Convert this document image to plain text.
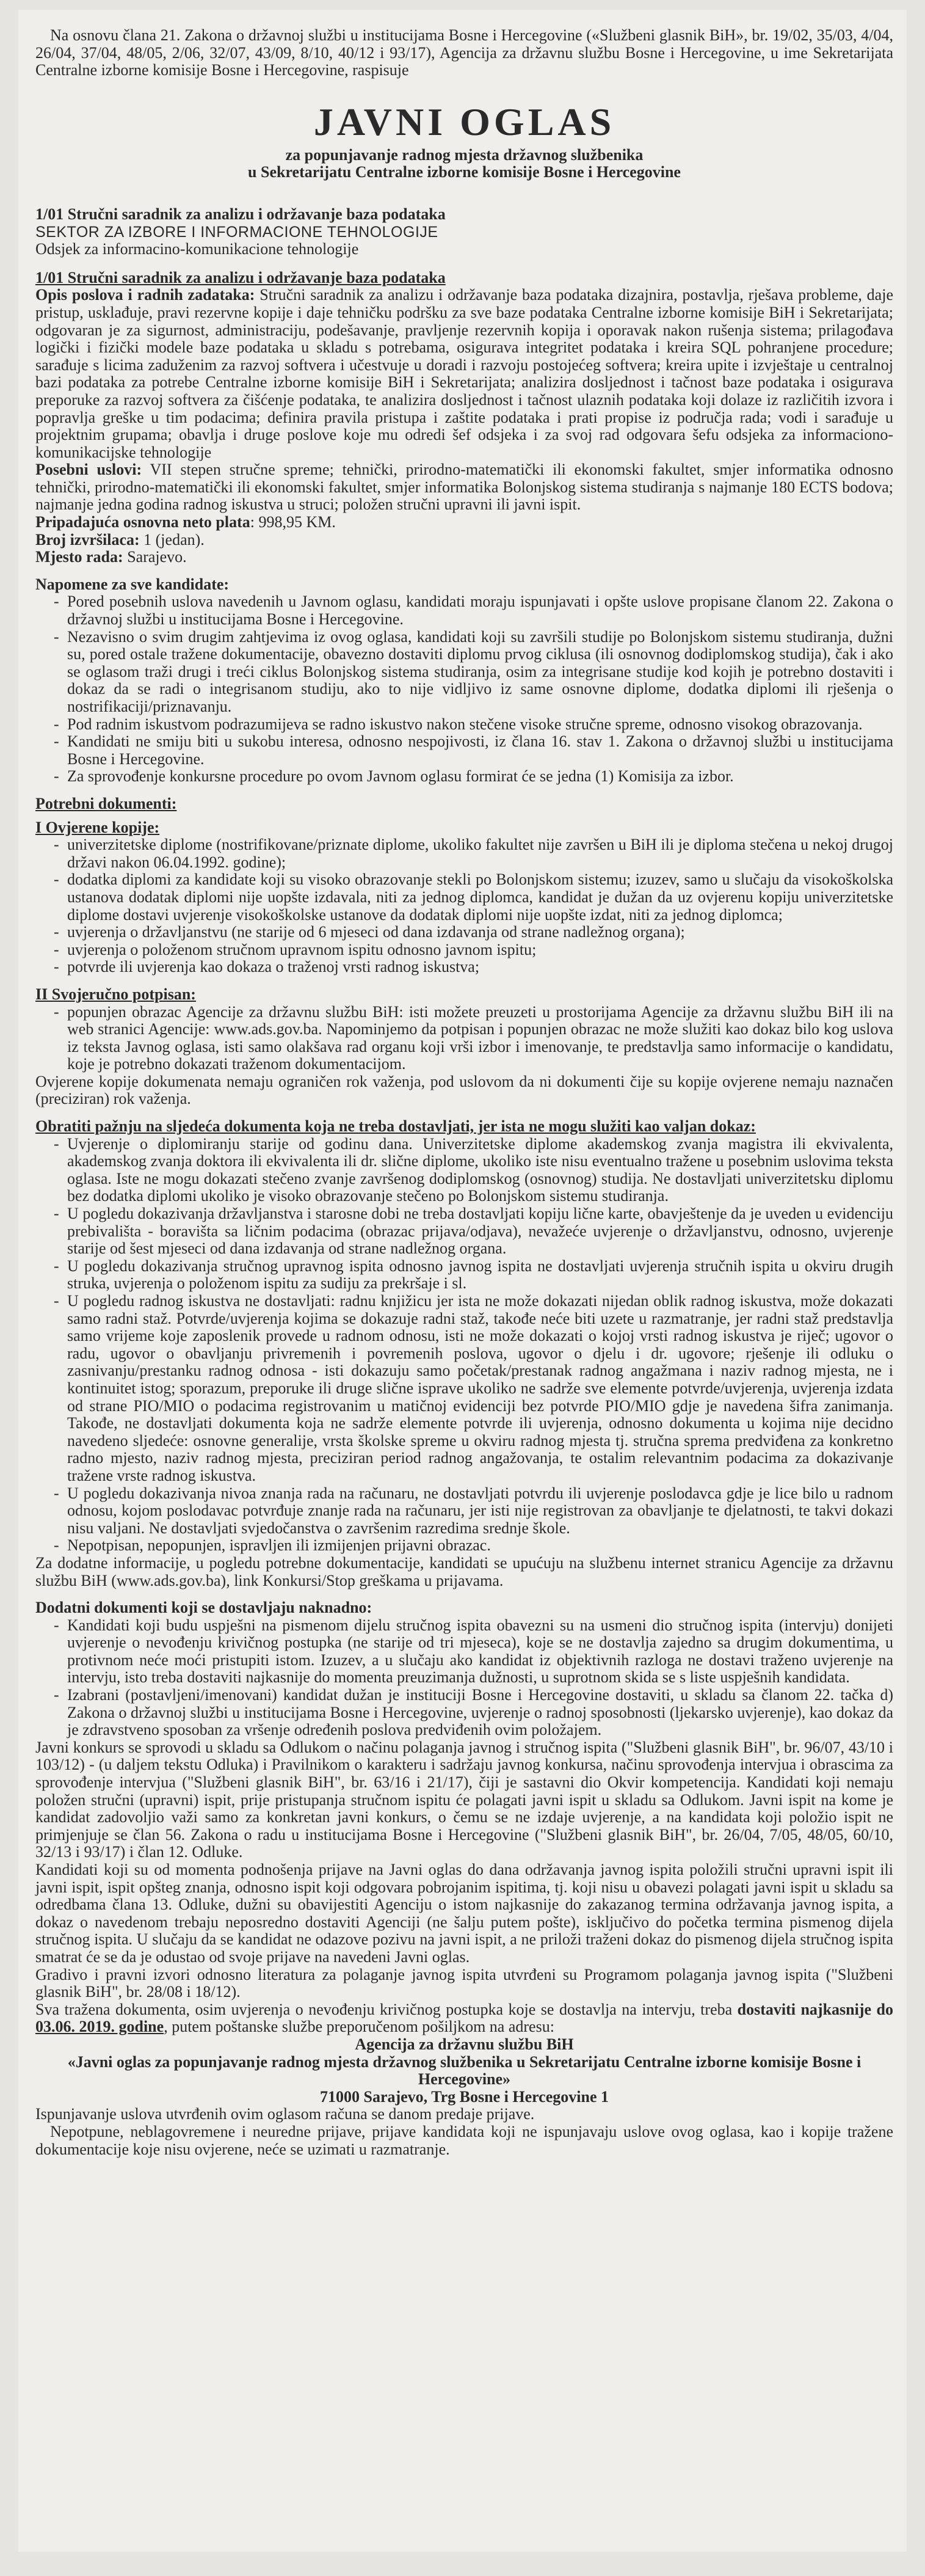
Na osnovu člana 21. Zakona o državnoj službi u institucijama Bosne i Hercegovine («Službeni glasnik BiH», br. 19/02, 35/03, 4/04, 26/04, 37/04, 48/05, 2/06, 32/07, 43/09, 8/10, 40/12 i 93/17), Agencija za državnu službu Bosne i Hercegovine, u ime Sekretarijata Centralne izborne komisije Bosne i Hercegovine, raspisuje

JAVNI OGLAS

za popunjavanje radnog mjesta državnog službenika

u Sekretarijatu Centralne izborne komisije Bosne i Hercegovine

1/01 Stručni saradnik za analizu i održavanje baza podataka

SEKTOR ZA IZBORE I INFORMACIONE TEHNOLOGIJE

Odsjek za informacino-komunikacione tehnologije

1/01 Stručni saradnik za analizu i održavanje baza podataka

Opis poslova i radnih zadataka: Stručni saradnik za analizu i održavanje baza podataka dizajnira, postavlja, rješava probleme, daje pristup, usklađuje, pravi rezervne kopije i daje tehničku podršku za sve baze podataka Centralne izborne komisije BiH i Sekretarijata; odgovaran je za sigurnost, administraciju, podešavanje, pravljenje rezervnih kopija i oporavak nakon rušenja sistema; prilagođava logički i fizički modele baze podataka u skladu s potrebama, osigurava integritet podataka i kreira SQL pohranjene procedure; sarađuje s licima zaduženim za razvoj softvera i učestvuje u doradi i razvoju postojećeg softvera; kreira upite i izvještaje u centralnoj bazi podataka za potrebe Centralne izborne komisije BiH i Sekretarijata; analizira dosljednost i tačnost baze podataka i osigurava preporuke za razvoj softvera za čišćenje podataka, te analizira dosljednost i tačnost ulaznih podataka koji dolaze iz različitih izvora i popravlja greške u tim podacima; definira pravila pristupa i zaštite podataka i prati propise iz područja rada; vodi i sarađuje u projektnim grupama; obavlja i druge poslove koje mu odredi šef odsjeka i za svoj rad odgovara šefu odsjeka za informaciono-komunikacijske tehnologije

Posebni uslovi: VII stepen stručne spreme; tehnički, prirodno-matematički ili ekonomski fakultet, smjer informatika odnosno tehnički, prirodno-matematički ili ekonomski fakultet, smjer informatika Bolonjskog sistema studiranja s najmanje 180 ECTS bodova; najmanje jedna godina radnog iskustva u struci; položen stručni upravni ili javni ispit.

Pripadajuća osnovna neto plata: 998,95 KM.

Broj izvršilaca: 1 (jedan).

Mjesto rada: Sarajevo.

Napomene za sve kandidate:

- Pored posebnih uslova navedenih u Javnom oglasu, kandidati moraju ispunjavati i opšte uslove propisane članom 22. Zakona o državnoj službi u institucijama Bosne i Hercegovine.
- Nezavisno o svim drugim zahtjevima iz ovog oglasa, kandidati koji su završili studije po Bolonjskom sistemu studiranja, dužni su, pored ostale tražene dokumentacije, obavezno dostaviti diplomu prvog ciklusa (ili osnovnog dodiplomskog studija), čak i ako se oglasom traži drugi i treći ciklus Bolonjskog sistema studiranja, osim za integrisane studije kod kojih je potrebno dostaviti i dokaz da se radi o integrisanom studiju, ako to nije vidljivo iz same osnovne diplome, dodatka diplomi ili rješenja o nostrifikaciji/priznavanju.
- Pod radnim iskustvom podrazumijeva se radno iskustvo nakon stečene visoke stručne spreme, odnosno visokog obrazovanja.
- Kandidati ne smiju biti u sukobu interesa, odnosno nespojivosti, iz člana 16. stav 1. Zakona o državnoj službi u institucijama Bosne i Hercegovine.
- Za sprovođenje konkursne procedure po ovom Javnom oglasu formirat će se jedna (1) Komisija za izbor.

Potrebni dokumenti:

I Ovjerene kopije:

- univerzitetske diplome (nostrifikovane/priznate diplome, ukoliko fakultet nije završen u BiH ili je diploma stečena u nekoj drugoj državi nakon 06.04.1992. godine);
- dodatka diplomi za kandidate koji su visoko obrazovanje stekli po Bolonjskom sistemu; izuzev, samo u slučaju da visokoškolska ustanova dodatak diplomi nije uopšte izdavala, niti za jednog diplomca, kandidat je dužan da uz ovjerenu kopiju univerzitetske diplome dostavi uvjerenje visokoškolske ustanove da dodatak diplomi nije uopšte izdat, niti za jednog diplomca;
- uvjerenja o državljanstvu (ne starije od 6 mjeseci od dana izdavanja od strane nadležnog organa);
- uvjerenja o položenom stručnom upravnom ispitu odnosno javnom ispitu;
- potvrde ili uvjerenja kao dokaza o traženoj vrsti radnog iskustva;

II Svojeručno potpisan:

- popunjen obrazac Agencije za državnu službu BiH: isti možete preuzeti u prostorijama Agencije za državnu službu BiH ili na web stranici Agencije: www.ads.gov.ba. Napominjemo da potpisan i popunjen obrazac ne može služiti kao dokaz bilo kog uslova iz teksta Javnog oglasa, isti samo olakšava rad organu koji vrši izbor i imenovanje, te predstavlja samo informacije o kandidatu, koje je potrebno dokazati traženom dokumentacijom.

Ovjerene kopije dokumenata nemaju ograničen rok važenja, pod uslovom da ni dokumenti čije su kopije ovjerene nemaju naznačen (preciziran) rok važenja.

Obratiti pažnju na sljedeća dokumenta koja ne treba dostavljati, jer ista ne mogu služiti kao valjan dokaz:

- Uvjerenje o diplomiranju starije od godinu dana. Univerzitetske diplome akademskog zvanja magistra ili ekvivalenta, akademskog zvanja doktora ili ekvivalenta ili dr. slične diplome, ukoliko iste nisu eventualno tražene u posebnim uslovima teksta oglasa. Iste ne mogu dokazati stečeno zvanje završenog dodiplomskog (osnovnog) studija. Ne dostavljati univerzitetsku diplomu bez dodatka diplomi ukoliko je visoko obrazovanje stečeno po Bolonjskom sistemu studiranja.
- U pogledu dokazivanja državljanstva i starosne dobi ne treba dostavljati kopiju lične karte, obavještenje da je uveden u evidenciju prebivališta - boravišta sa ličnim podacima (obrazac prijava/odjava), nevažeće uvjerenje o državljanstvu, odnosno, uvjerenje starije od šest mjeseci od dana izdavanja od strane nadležnog organa.
- U pogledu dokazivanja stručnog upravnog ispita odnosno javnog ispita ne dostavljati uvjerenja stručnih ispita u okviru drugih struka, uvjerenja o položenom ispitu za sudiju za prekršaje i sl.
- U pogledu radnog iskustva ne dostavljati: radnu knjižicu jer ista ne može dokazati nijedan oblik radnog iskustva, može dokazati samo radni staž. Potvrde/uvjerenja kojima se dokazuje radni staž, takođe neće biti uzete u razmatranje, jer radni staž predstavlja samo vrijeme koje zaposlenik provede u radnom odnosu, isti ne može dokazati o kojoj vrsti radnog iskustva je riječ; ugovor o radu, ugovor o obavljanju privremenih i povremenih poslova, ugovor o djelu i dr. ugovore; rješenje ili odluku o zasnivanju/prestanku radnog odnosa - isti dokazuju samo početak/prestanak radnog angažmana i naziv radnog mjesta, ne i kontinuitet istog; sporazum, preporuke ili druge slične isprave ukoliko ne sadrže sve elemente potvrde/uvjerenja, uvjerenja izdata od strane PIO/MIO o podacima registrovanim u matičnoj evidenciji bez potvrde PIO/MIO gdje je navedena šifra zanimanja. Takođe, ne dostavljati dokumenta koja ne sadrže elemente potvrde ili uvjerenja, odnosno dokumenta u kojima nije decidno navedeno sljedeće: osnovne generalije, vrsta školske spreme u okviru radnog mjesta tj. stručna sprema predviđena za konkretno radno mjesto, naziv radnog mjesta, preciziran period radnog angažovanja, te ostalim relevantnim podacima za dokazivanje tražene vrste radnog iskustva.
- U pogledu dokazivanja nivoa znanja rada na računaru, ne dostavljati potvrdu ili uvjerenje poslodavca gdje je lice bilo u radnom odnosu, kojom poslodavac potvrđuje znanje rada na računaru, jer isti nije registrovan za obavljanje te djelatnosti, te takvi dokazi nisu valjani. Ne dostavljati svjedočanstva o završenim razredima srednje škole.
- Nepotpisan, nepopunjen, ispravljen ili izmijenjen prijavni obrazac.

Za dodatne informacije, u pogledu potrebne dokumentacije, kandidati se upućuju na službenu internet stranicu Agencije za državnu službu BiH (www.ads.gov.ba), link Konkursi/Stop greškama u prijavama.

Dodatni dokumenti koji se dostavljaju naknadno:

- Kandidati koji budu uspješni na pismenom dijelu stručnog ispita obavezni su na usmeni dio stručnog ispita (intervju) donijeti uvjerenje o nevođenju krivičnog postupka (ne starije od tri mjeseca), koje se ne dostavlja zajedno sa drugim dokumentima, u protivnom neće moći pristupiti istom. Izuzev, a u slučaju ako kandidat iz objektivnih razloga ne dostavi traženo uvjerenje na intervju, isto treba dostaviti najkasnije do momenta preuzimanja dužnosti, u suprotnom skida se s liste uspješnih kandidata.
- Izabrani (postavljeni/imenovani) kandidat dužan je instituciji Bosne i Hercegovine dostaviti, u skladu sa članom 22. tačka d) Zakona o državnoj službi u institucijama Bosne i Hercegovine, uvjerenje o radnoj sposobnosti (ljekarsko uvjerenje), kao dokaz da je zdravstveno sposoban za vršenje određenih poslova predviđenih ovim položajem.

Javni konkurs se sprovodi u skladu sa Odlukom o načinu polaganja javnog i stručnog ispita ("Službeni glasnik BiH", br. 96/07, 43/10 i 103/12) - (u daljem tekstu Odluka) i Pravilnikom o karakteru i sadržaju javnog konkursa, načinu sprovođenja intervjua i obrascima za sprovođenje intervjua ("Službeni glasnik BiH", br. 63/16 i 21/17), čiji je sastavni dio Okvir kompetencija. Kandidati koji nemaju položen stručni (upravni) ispit, prije pristupanja stručnom ispitu će polagati javni ispit u skladu sa Odlukom. Javni ispit na kome je kandidat zadovoljio važi samo za konkretan javni konkurs, o čemu se ne izdaje uvjerenje, a na kandidata koji položio ispit ne primjenjuje se član 56. Zakona o radu u institucijama Bosne i Hercegovine ("Službeni glasnik BiH", br. 26/04, 7/05, 48/05, 60/10, 32/13 i 93/17) i član 12. Odluke.

Kandidati koji su od momenta podnošenja prijave na Javni oglas do dana održavanja javnog ispita položili stručni upravni ispit ili javni ispit, ispit opšteg znanja, odnosno ispit koji odgovara pobrojanim ispitima, tj. koji nisu u obavezi polagati javni ispit u skladu sa odredbama člana 13. Odluke, dužni su obavijestiti Agenciju o istom najkasnije do zakazanog termina održavanja javnog ispita, a dokaz o navedenom trebaju neposredno dostaviti Agenciji (ne šalju putem pošte), isključivo do početka termina pismenog dijela stručnog ispita. U slučaju da se kandidat ne odazove pozivu na javni ispit, a ne priloži traženi dokaz do pismenog dijela stručnog ispita smatrat će se da je odustao od svoje prijave na navedeni Javni oglas.

Gradivo i pravni izvori odnosno literatura za polaganje javnog ispita utvrđeni su Programom polaganja javnog ispita ("Službeni glasnik BiH", br. 28/08 i 18/12).

Sva tražena dokumenta, osim uvjerenja o nevođenju krivičnog postupka koje se dostavlja na intervju, treba dostaviti najkasnije do 03.06. 2019. godine, putem poštanske službe preporučenom pošiljkom na adresu:

Agencija za državnu službu BiH

«Javni oglas za popunjavanje radnog mjesta državnog službenika u Sekretarijatu Centralne izborne komisije Bosne i Hercegovine»

71000 Sarajevo, Trg Bosne i Hercegovine 1

Ispunjavanje uslova utvrđenih ovim oglasom računa se danom predaje prijave.

Nepotpune, neblagovremene i neuredne prijave, prijave kandidata koji ne ispunjavaju uslove ovog oglasa, kao i kopije tražene dokumentacije koje nisu ovjerene, neće se uzimati u razmatranje.
